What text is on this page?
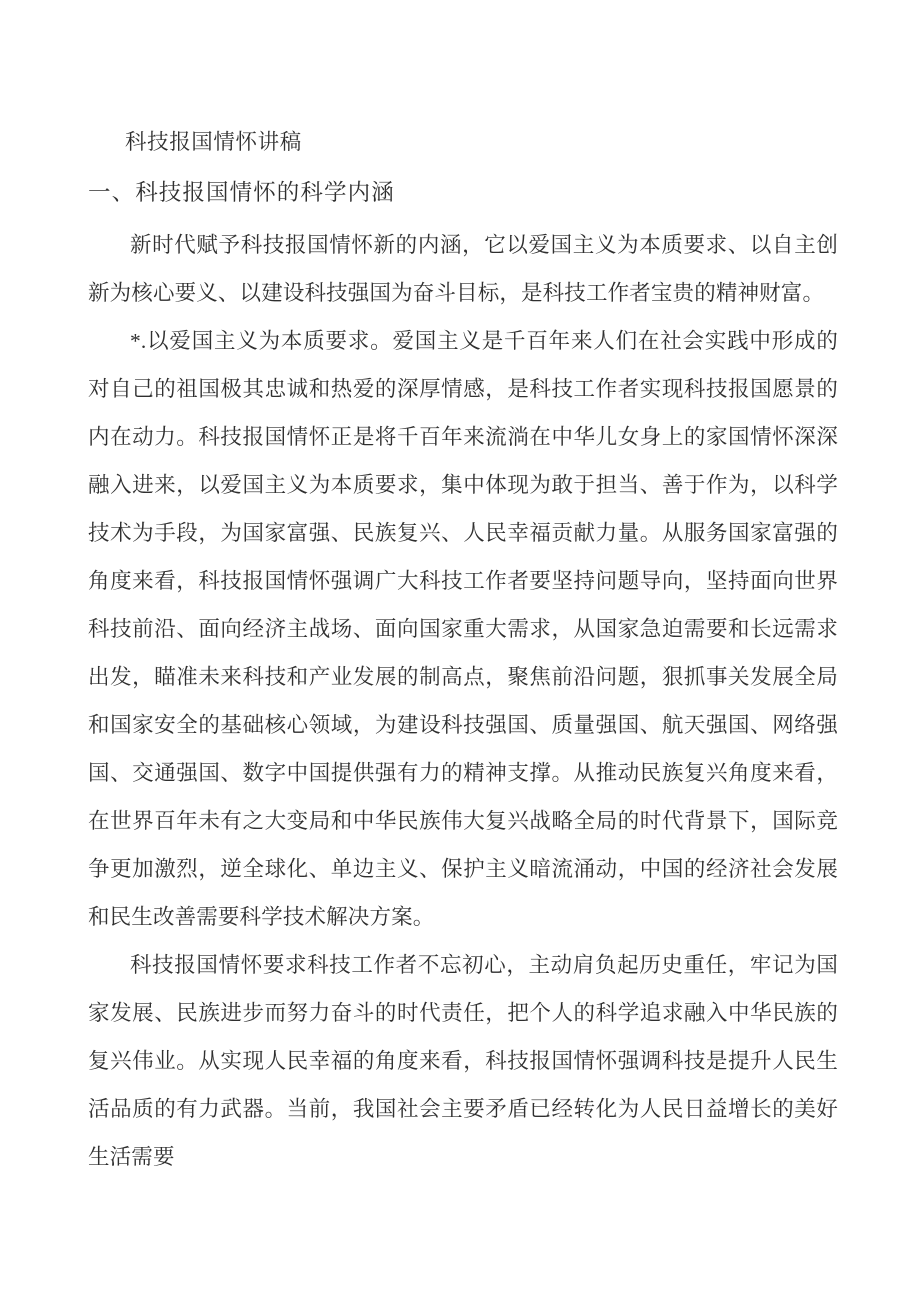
科技报国情怀讲稿
一、科技报国情怀的科学内涵

新时代赋予科技报国情怀新的内涵，它以爱国主义为本质要求、以自主创新为核心要义、以建设科技强国为奋斗目标，是科技工作者宝贵的精神财富。

*.以爱国主义为本质要求。爱国主义是千百年来人们在社会实践中形成的对自己的祖国极其忠诚和热爱的深厚情感，是科技工作者实现科技报国愿景的内在动力。科技报国情怀正是将千百年来流淌在中华儿女身上的家国情怀深深融入进来，以爱国主义为本质要求，集中体现为敢于担当、善于作为，以科学技术为手段，为国家富强、民族复兴、人民幸福贡献力量。从服务国家富强的角度来看，科技报国情怀强调广大科技工作者要坚持问题导向，坚持面向世界科技前沿、面向经济主战场、面向国家重大需求，从国家急迫需要和长远需求出发，瞄准未来科技和产业发展的制高点，聚焦前沿问题，狠抓事关发展全局和国家安全的基础核心领域，为建设科技强国、质量强国、航天强国、网络强国、交通强国、数字中国提供强有力的精神支撑。从推动民族复兴角度来看，在世界百年未有之大变局和中华民族伟大复兴战略全局的时代背景下，国际竞争更加激烈，逆全球化、单边主义、保护主义暗流涌动，中国的经济社会发展和民生改善需要科学技术解决方案。

科技报国情怀要求科技工作者不忘初心，主动肩负起历史重任，牢记为国家发展、民族进步而努力奋斗的时代责任，把个人的科学追求融入中华民族的复兴伟业。从实现人民幸福的角度来看，科技报国情怀强调科技是提升人民生活品质的有力武器。当前，我国社会主要矛盾已经转化为人民日益增长的美好生活需要
